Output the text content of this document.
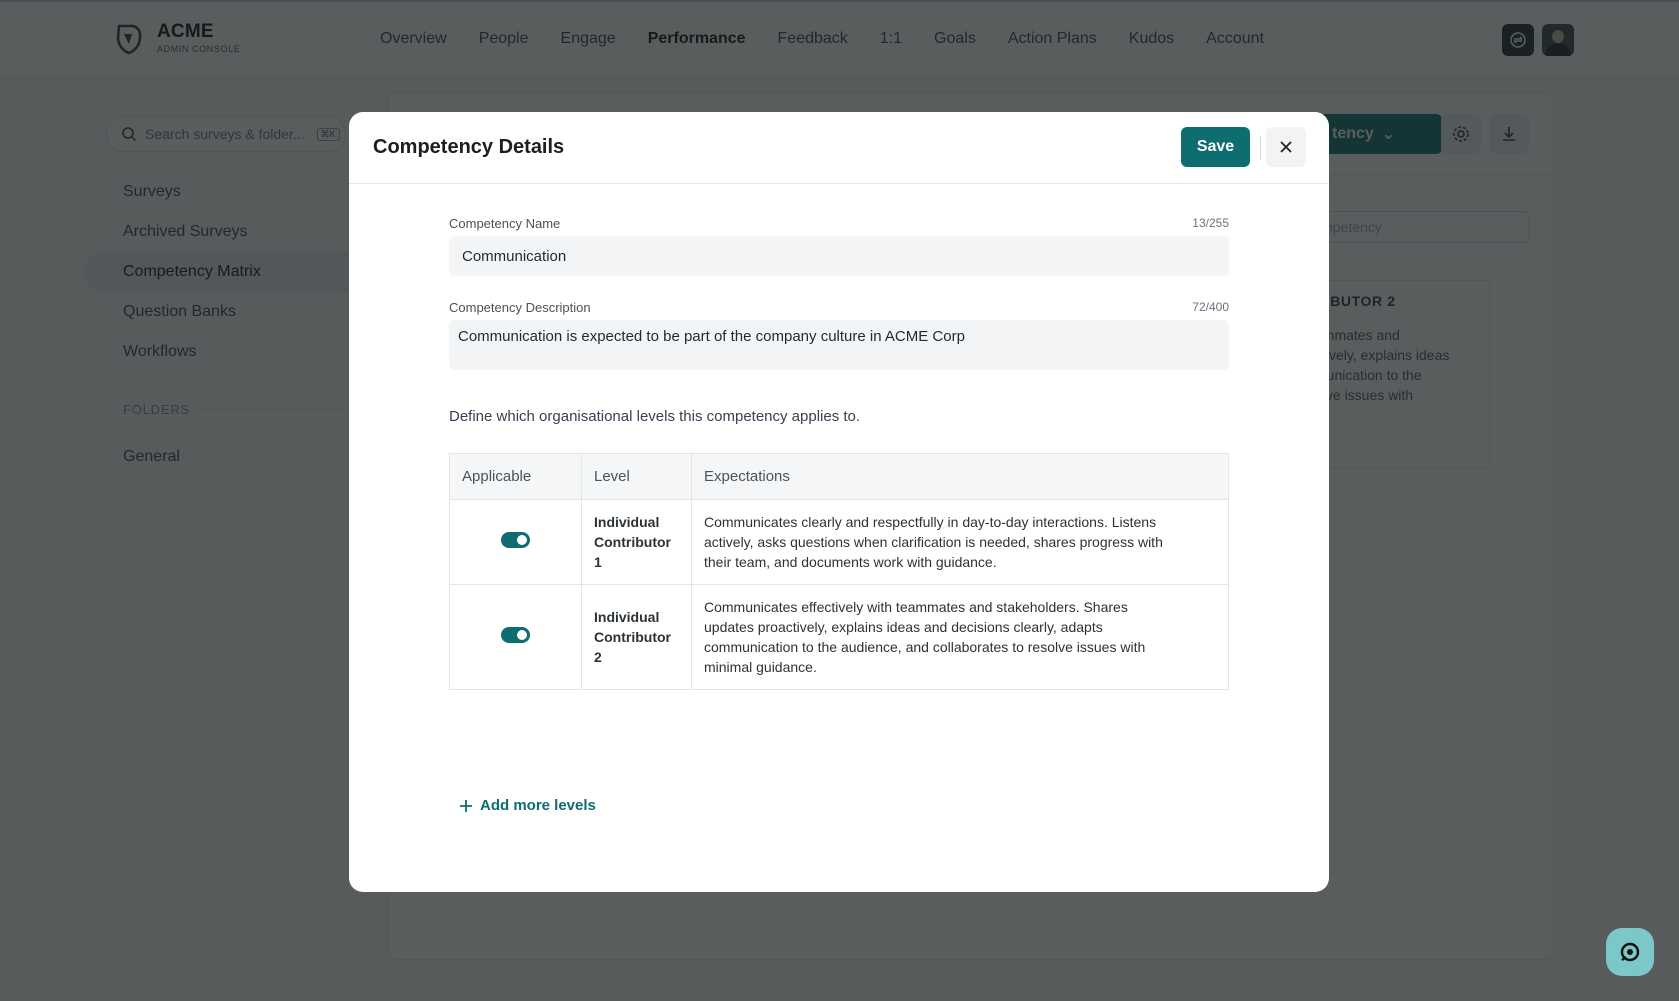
Competency Details	Save
Competency Name	13/255
Communication
Competency Description	72/400
Communication is expected to be part of the company culture in ACME Corp
Define which organisational levels this competency applies to.
Applicable	Level	Expectations

	Individual Contributor 1	Communicates clearly and respectfully in day-to-day interactions. Listens actively, asks questions when clarification is needed, shares progress with their team, and documents work with guidance.

	Individual Contributor 2	Communicates effectively with teammates and stakeholders. Shares updates proactively, explains ideas and decisions clearly, adapts communication to the audience, and collaborates to resolve issues with minimal guidance.
Add more levels
